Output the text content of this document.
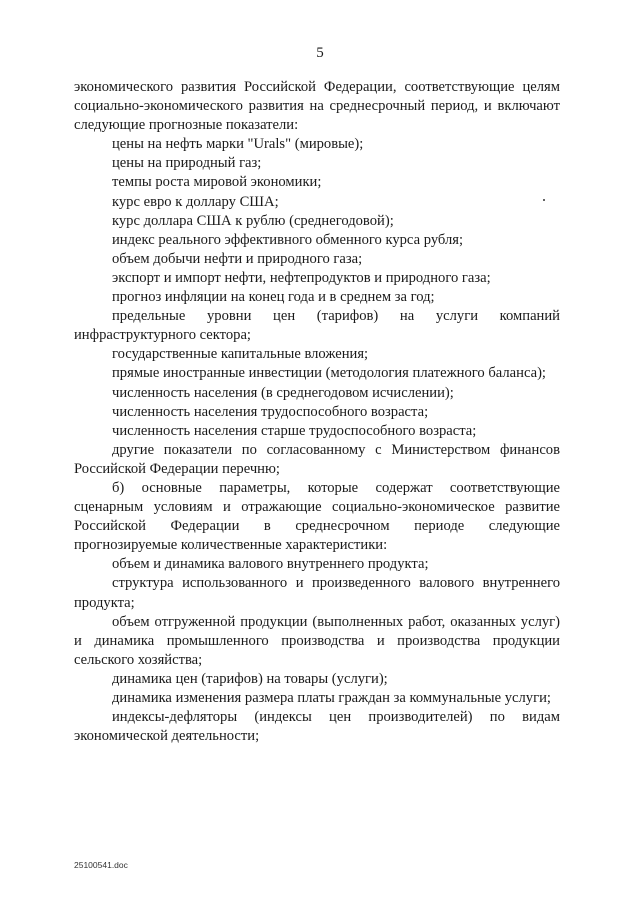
5

экономического развития Российской Федерации, соответствующие целям социально-экономического развития на среднесрочный период, и включают следующие прогнозные показатели:

цены на нефть марки "Urals" (мировые);

цены на природный газ;

темпы роста мировой экономики;

курс евро к доллару США;

курс доллара США к рублю (среднегодовой);

индекс реального эффективного обменного курса рубля;

объем добычи нефти и природного газа;

экспорт и импорт нефти, нефтепродуктов и природного газа;

прогноз инфляции на конец года и в среднем за год;

предельные уровни цен (тарифов) на услуги компаний инфраструктурного сектора;

государственные капитальные вложения;

прямые иностранные инвестиции (методология платежного баланса);

численность населения (в среднегодовом исчислении);

численность населения трудоспособного возраста;

численность населения старше трудоспособного возраста;

другие показатели по согласованному с Министерством финансов Российской Федерации перечню;

б) основные параметры, которые содержат соответствующие сценарным условиям и отражающие социально-экономическое развитие Российской Федерации в среднесрочном периоде следующие прогнозируемые количественные характеристики:

объем и динамика валового внутреннего продукта;

структура использованного и произведенного валового внутреннего продукта;

объем отгруженной продукции (выполненных работ, оказанных услуг) и динамика промышленного производства и производства продукции сельского хозяйства;

динамика цен (тарифов) на товары (услуги);

динамика изменения размера платы граждан за коммунальные услуги;

индексы-дефляторы (индексы цен производителей) по видам экономической деятельности;

25100541.doc
